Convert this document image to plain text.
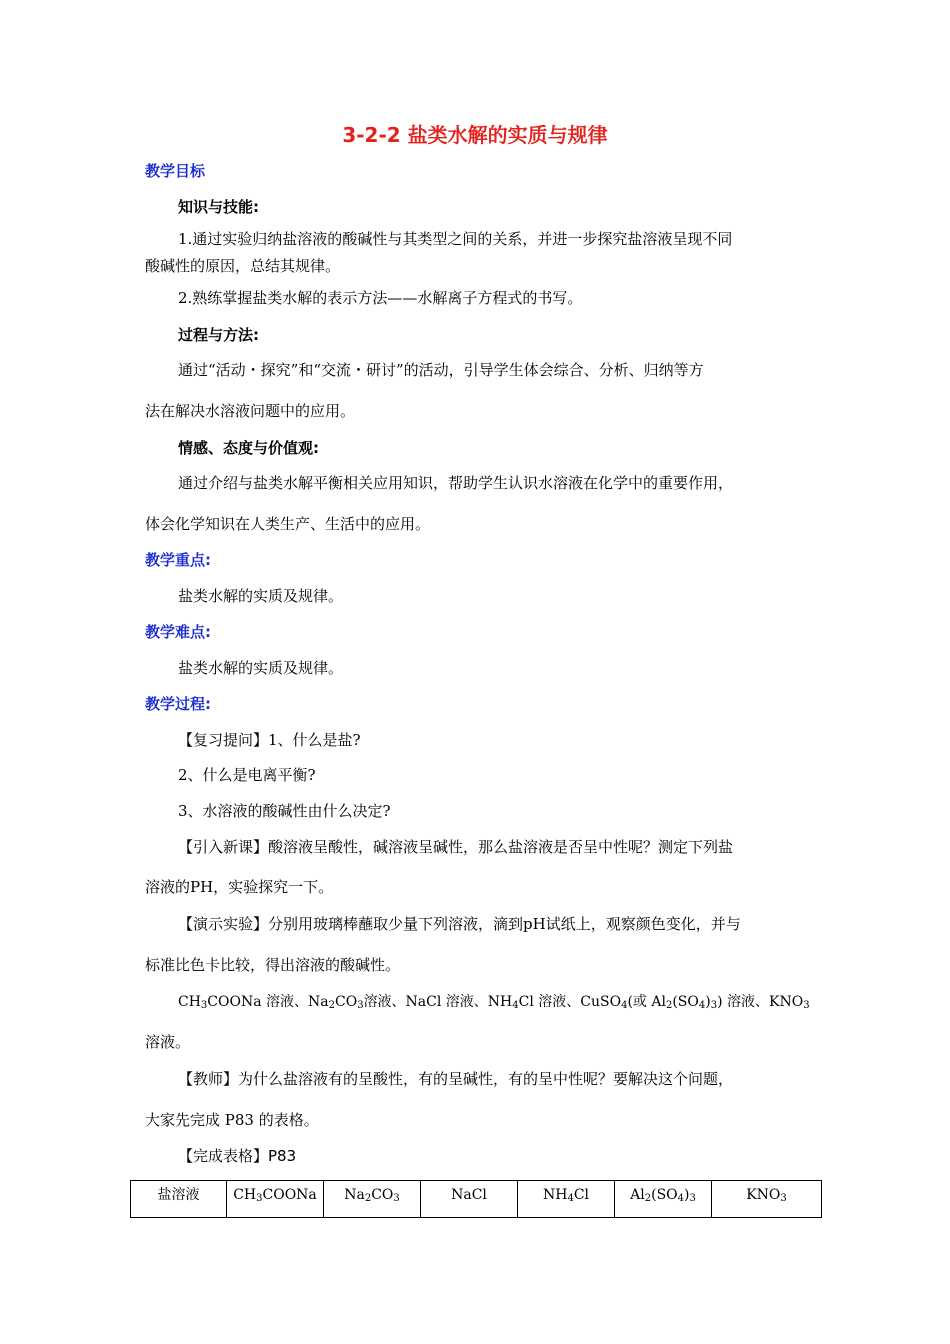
3-2-2 盐类水解的实质与规律
教学目标
知识与技能:
1.通过实验归纳盐溶液的酸碱性与其类型之间的关系，并进一步探究盐溶液呈现不同
酸碱性的原因，总结其规律。
2.熟练掌握盐类水解的表示方法——水解离子方程式的书写。
过程与方法:
通过“活动・探究”和“交流・研讨”的活动，引导学生体会综合、分析、归纳等方
法在解决水溶液问题中的应用。
情感、态度与价值观:
通过介绍与盐类水解平衡相关应用知识，帮助学生认识水溶液在化学中的重要作用，
体会化学知识在人类生产、生活中的应用。
教学重点:
盐类水解的实质及规律。
教学难点:
盐类水解的实质及规律。
教学过程:
【复习提问】1、什么是盐?
2、什么是电离平衡?
3、水溶液的酸碱性由什么决定?
【引入新课】酸溶液呈酸性，碱溶液呈碱性，那么盐溶液是否呈中性呢？测定下列盐
溶液的PH，实验探究一下。
【演示实验】分别用玻璃棒蘸取少量下列溶液，滴到pH试纸上，观察颜色变化，并与
标准比色卡比较，得出溶液的酸碱性。
$CH_3COONa$ 溶液、$Na_2CO_3$溶液、NaCl 溶液、$NH_4Cl$ 溶液、CuSO$_4$(或 $Al_2(SO_4)_3$) 溶液、$KNO_3$
溶液。
【教师】为什么盐溶液有的呈酸性，有的呈碱性，有的呈中性呢？要解决这个问题，
大家先完成 P83 的表格。
【完成表格】P83
盐溶液	$CH_3COONa$	$Na_2CO_3$	NaCl	$NH_4Cl$	$Al_2(SO_4)_3$	$KNO_3$
